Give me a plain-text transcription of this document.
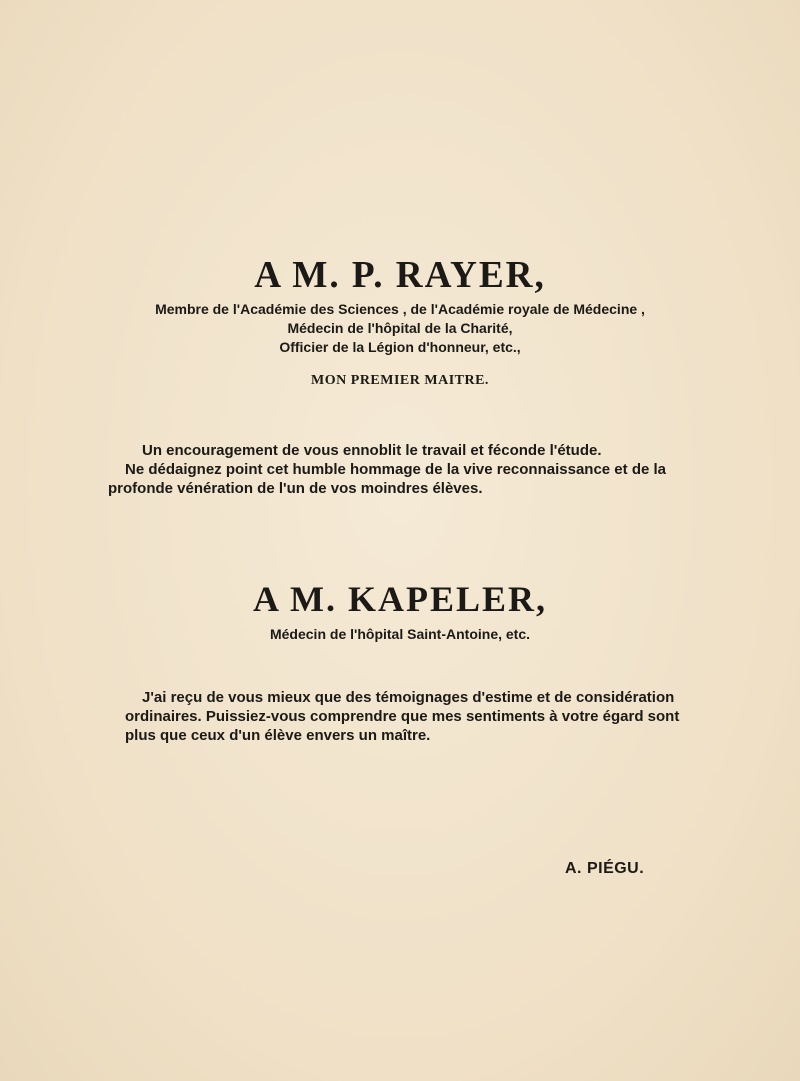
A M. P. RAYER,
Membre de l'Académie des Sciences , de l'Académie royale de Médecine ,
Médecin de l'hôpital de la Charité,
Officier de la Légion d'honneur, etc.,
MON PREMIER MAITRE.
Un encouragement de vous ennoblit le travail et féconde l'étude.
Ne dédaignez point cet humble hommage de la vive reconnaissance et de la
profonde vénération de l'un de vos moindres élèves.
A M. KAPELER,
Médecin de l'hôpital Saint-Antoine, etc.
J'ai reçu de vous mieux que des témoignages d'estime et de considération
ordinaires. Puissiez-vous comprendre que mes sentiments à votre égard sont
plus que ceux d'un élève envers un maître.
A. PIÉGU.
